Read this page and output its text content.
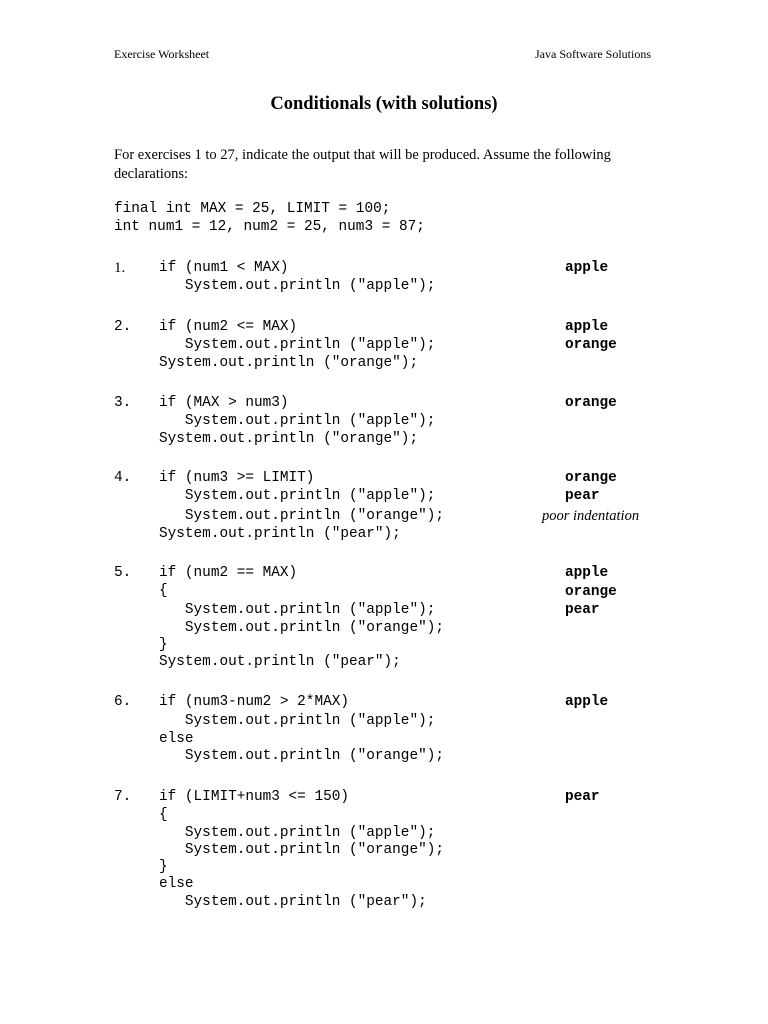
Exercise Worksheet	Java Software Solutions
Conditionals (with solutions)
For exercises 1 to 27, indicate the output that will be produced. Assume the following declarations:
final int MAX = 25, LIMIT = 100;
int num1 = 12, num2 = 25, num3 = 87;
1. if (num1 < MAX)
System.out.println ("apple");
apple
2. if (num2 <= MAX)
System.out.println ("apple");
System.out.println ("orange");
apple
orange
3. if (MAX > num3)
System.out.println ("apple");
System.out.println ("orange");
orange
4. if (num3 >= LIMIT)
System.out.println ("apple");
System.out.println ("orange");
System.out.println ("pear");
orange
pear
poor indentation
5. if (num2 == MAX)
{
System.out.println ("apple");
System.out.println ("orange");
}
System.out.println ("pear");
apple
orange
pear
6. if (num3-num2 > 2*MAX)
System.out.println ("apple");
else
System.out.println ("orange");
apple
7. if (LIMIT+num3 <= 150)
{
System.out.println ("apple");
System.out.println ("orange");
}
else
System.out.println ("pear");
pear
